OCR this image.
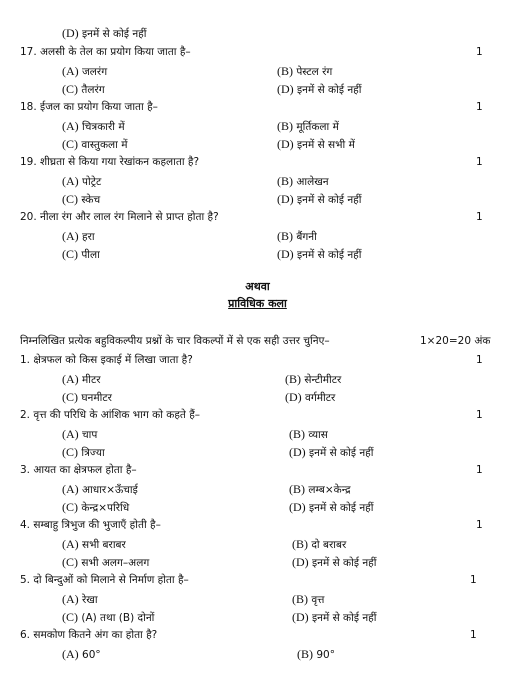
(D) इनमें से कोई नहीं
17. अलसी के तेल का प्रयोग किया जाता है–	1
(A) जलरंग	(B) पेस्टल रंग
(C) तैलरंग	(D) इनमें से कोई नहीं
18. ईजल का प्रयोग किया जाता है–	1
(A) चित्रकारी में	(B) मूर्तिकला में
(C) वास्तुकला में	(D) इनमें से सभी में
19. शीघ्रता से किया गया रेखांकन कहलाता है?	1
(A) पोट्रेट	(B) आलेखन
(C) स्केच	(D) इनमें से कोई नहीं
20. नीला रंग और लाल रंग मिलाने से प्राप्त होता है?	1
(A) हरा	(B) बैंगनी
(C) पीला	(D) इनमें से कोई नहीं
अथवा
प्राविधिक कला
निम्नलिखित प्रत्येक बहुविकल्पीय प्रश्नों के चार विकल्पों में से एक सही उत्तर चुनिए–	1×20=20 अंक
1. क्षेत्रफल को किस इकाई में लिखा जाता है?	1
(A) मीटर	(B) सेन्टीमीटर
(C) घनमीटर	(D) वर्गमीटर
2. वृत्त की परिधि के आंशिक भाग को कहते हैं–	1
(A) चाप	(B) व्यास
(C) त्रिज्या	(D) इनमें से कोई नहीं
3. आयत का क्षेत्रफल होता है–	1
(A) आधार×ऊँचाई	(B) लम्ब×केन्द्र
(C) केन्द्र×परिधि	(D) इनमें से कोई नहीं
4. सम्बाहु त्रिभुज की भुजाएँ होती है–	1
(A) सभी बराबर	(B) दो बराबर
(C) सभी अलग–अलग	(D) इनमें से कोई नहीं
5. दो बिन्दुओं को मिलाने से निर्माण होता है–	1
(A) रेखा	(B) वृत्त
(C) (A) तथा (B) दोनों	(D) इनमें से कोई नहीं
6. समकोण कितने अंग का होता है?	1
(A) 60°	(B) 90°
